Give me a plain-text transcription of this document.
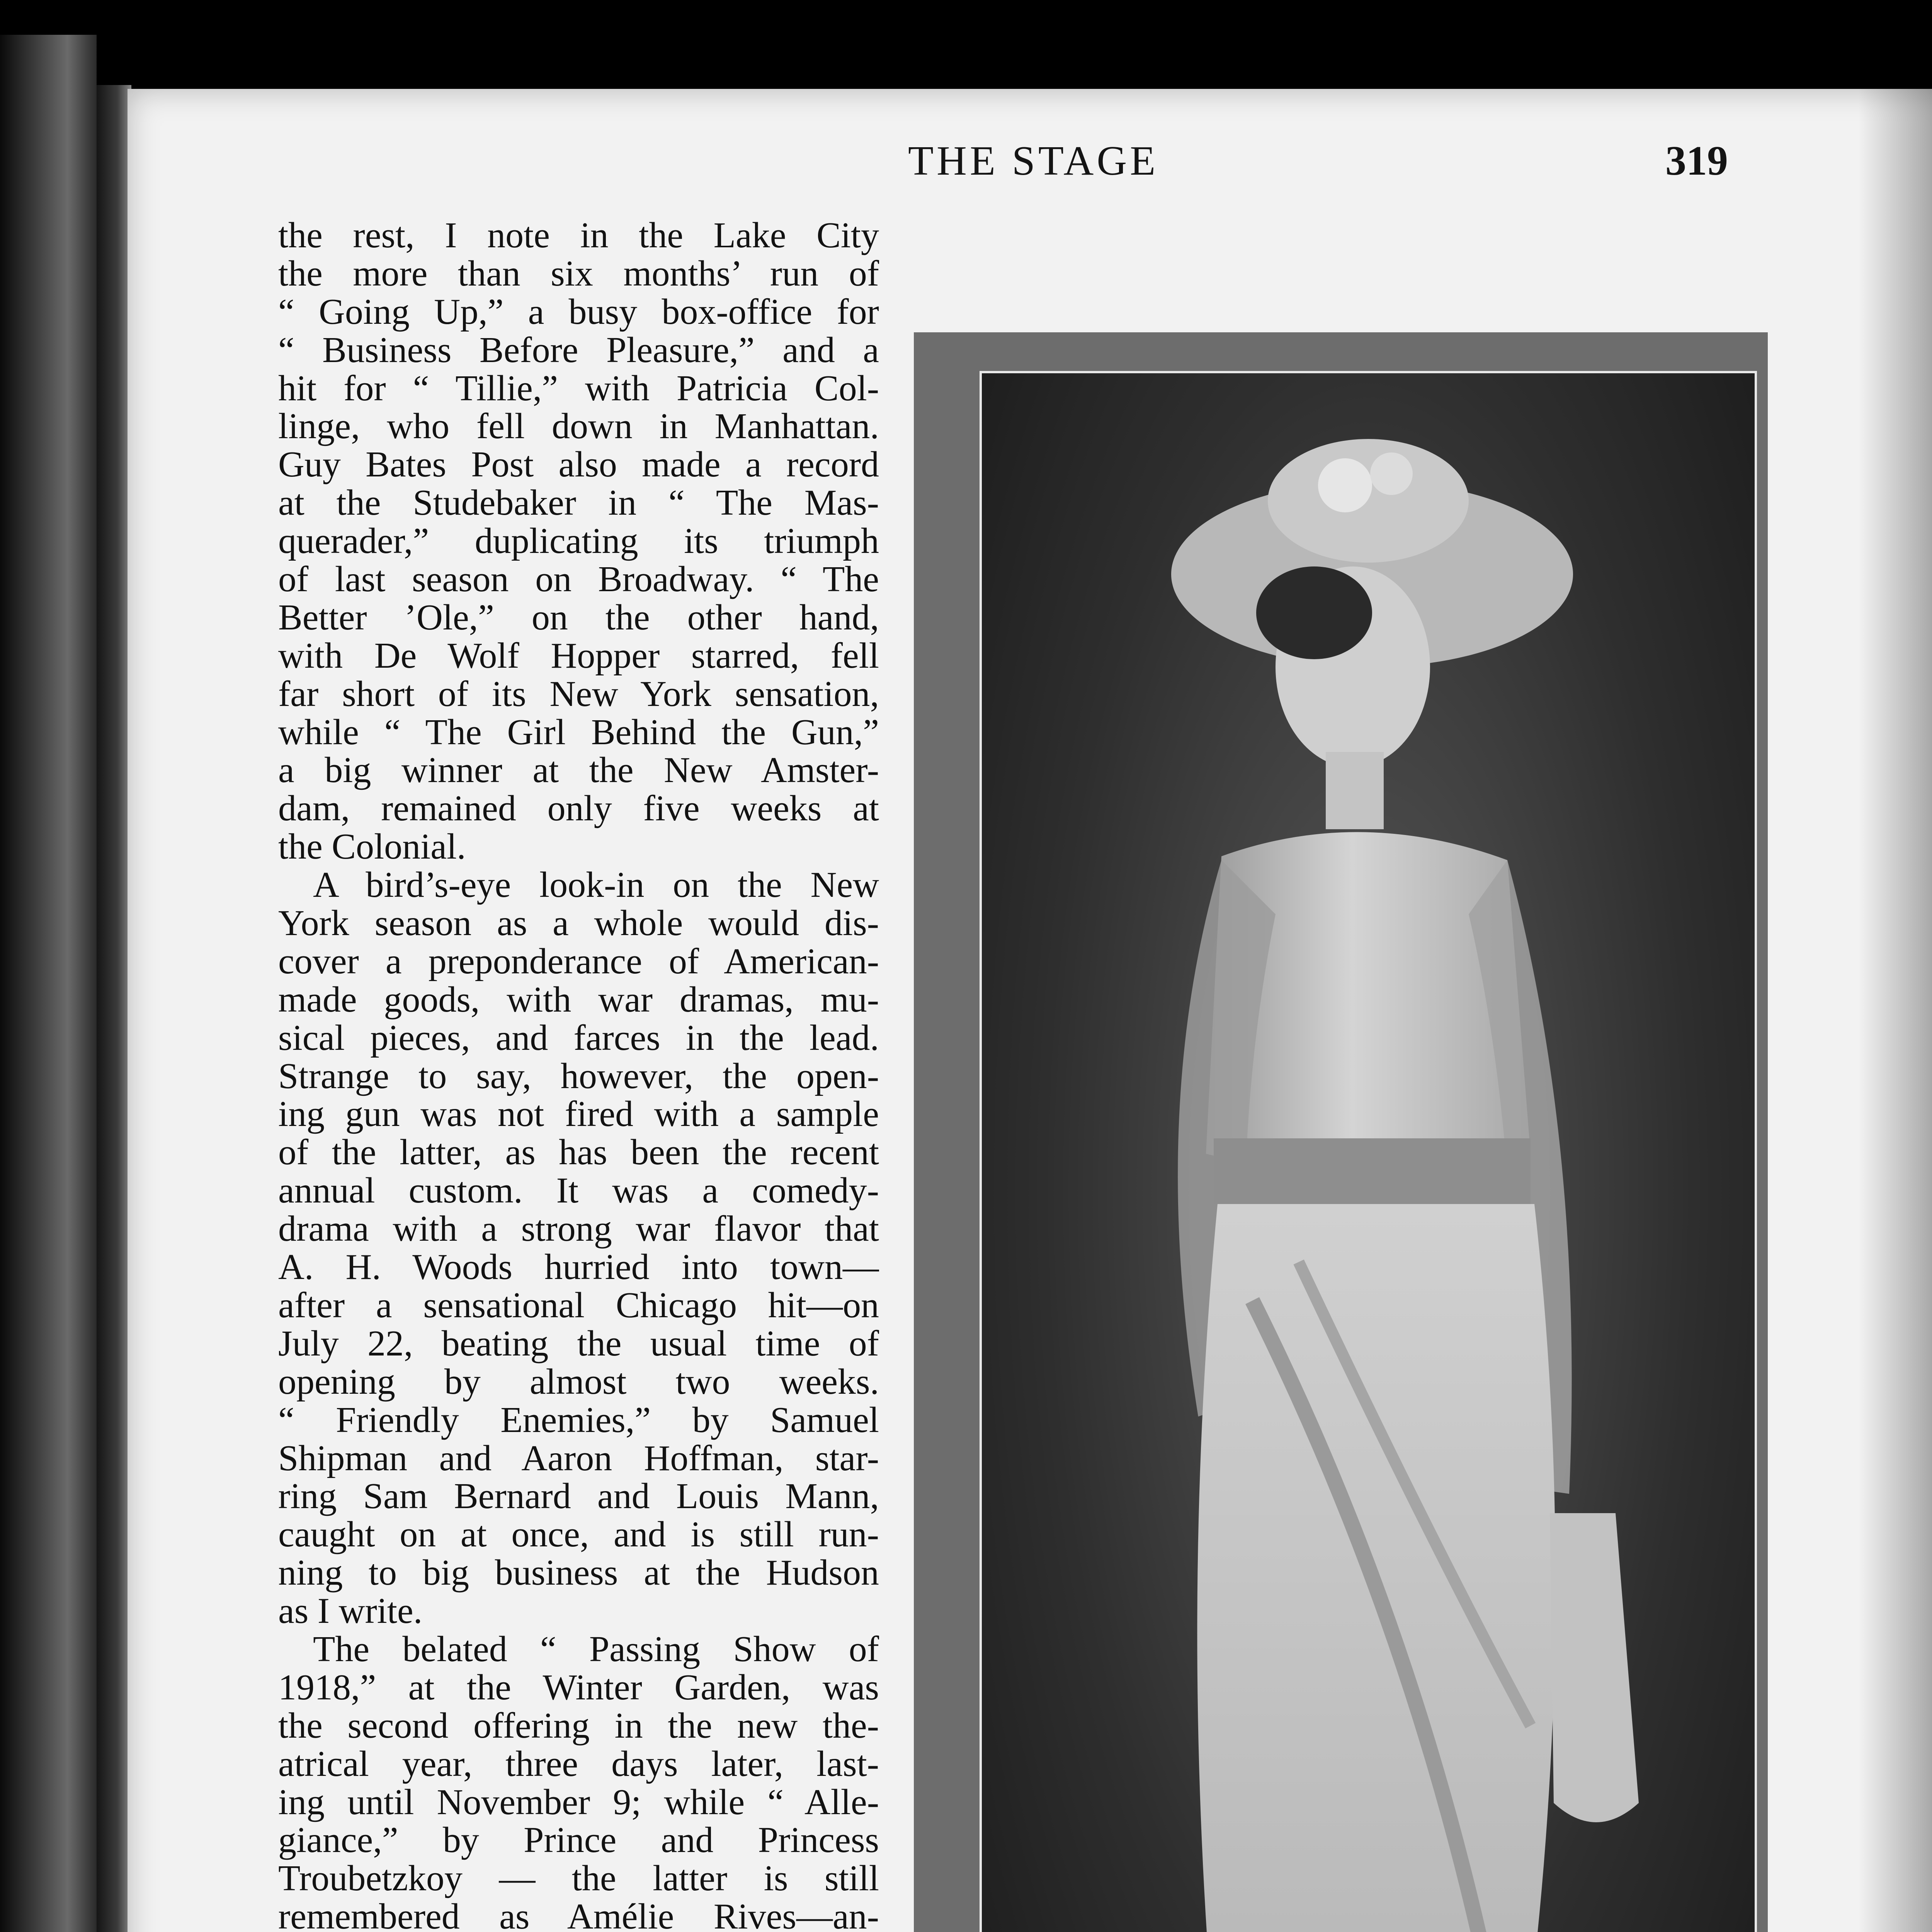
THE STAGE	319
the rest, I note in the Lake City
the more than six months’ run of
“ Going Up,” a busy box-office for
“ Business Before Pleasure,” and a
hit for “ Tillie,” with Patricia Col-
linge, who fell down in Manhattan.
Guy Bates Post also made a record
at the Studebaker in “ The Mas-
querader,” duplicating its triumph
of last season on Broadway. “ The
Better ’Ole,” on the other hand,
with De Wolf Hopper starred, fell
far short of its New York sensation,
while “ The Girl Behind the Gun,”
a big winner at the New Amster-
dam, remained only five weeks at
the Colonial.
A bird’s-eye look-in on the New
York season as a whole would dis-
cover a preponderance of American-
made goods, with war dramas, mu-
sical pieces, and farces in the lead.
Strange to say, however, the open-
ing gun was not fired with a sample
of the latter, as has been the recent
annual custom. It was a comedy-
drama with a strong war flavor that
A. H. Woods hurried into town—
after a sensational Chicago hit—on
July 22, beating the usual time of
opening by almost two weeks.
“ Friendly Enemies,” by Samuel
Shipman and Aaron Hoffman, star-
ring Sam Bernard and Louis Mann,
caught on at once, and is still run-
ning to big business at the Hudson
as I write.
The belated “ Passing Show of
1918,” at the Winter Garden, was
the second offering in the new the-
atrical year, three days later, last-
ing until November 9; while “ Alle-
giance,” by Prince and Princess
Troubetzkoy — the latter is still
remembered as Amélie Rives—an-
